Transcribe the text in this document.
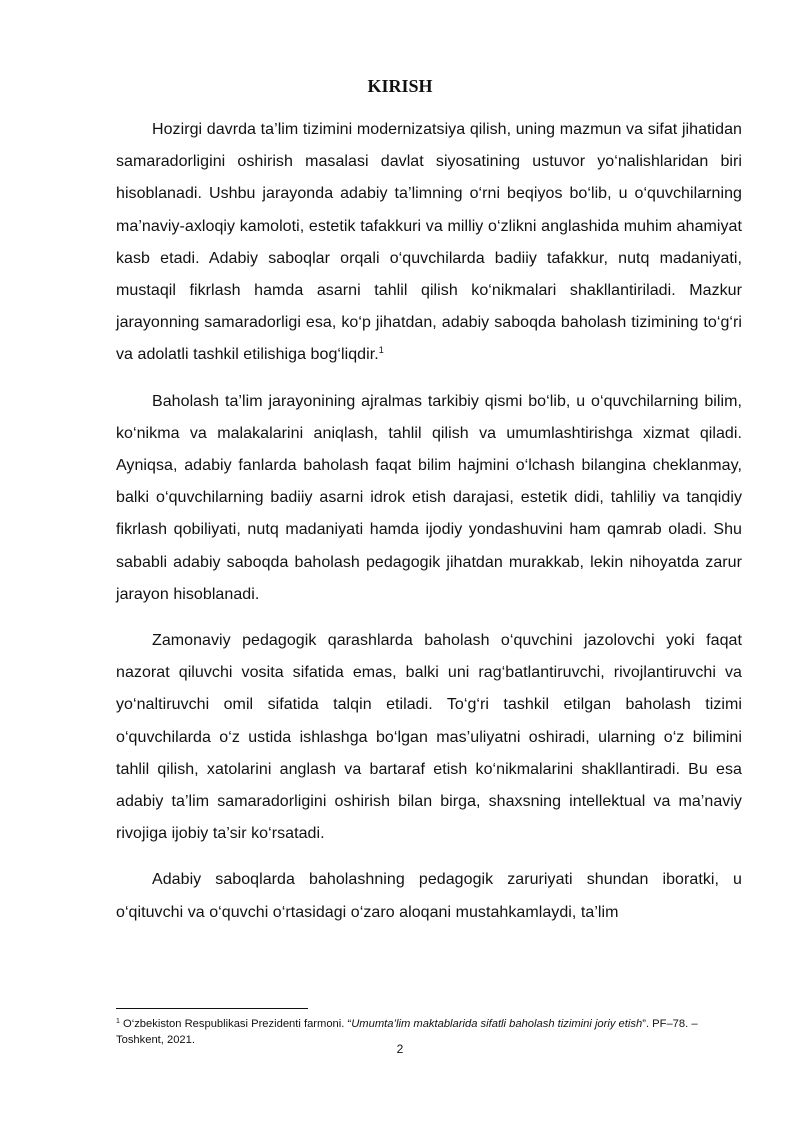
KIRISH

Hozirgi davrda ta’lim tizimini modernizatsiya qilish, uning mazmun va sifat jihatidan samaradorligini oshirish masalasi davlat siyosatining ustuvor yo‘nalishlaridan biri hisoblanadi. Ushbu jarayonda adabiy ta’limning o‘rni beqiyos bo‘lib, u o‘quvchilarning ma’naviy-axloqiy kamoloti, estetik tafakkuri va milliy o‘zlikni anglashida muhim ahamiyat kasb etadi. Adabiy saboqlar orqali o‘quvchilarda badiiy tafakkur, nutq madaniyati, mustaqil fikrlash hamda asarni tahlil qilish ko‘nikmalari shakllantiriladi. Mazkur jarayonning samaradorligi esa, ko‘p jihatdan, adabiy saboqda baholash tizimining to‘g‘ri va adolatli tashkil etilishiga bog‘liqdir.$^1$

Baholash ta’lim jarayonining ajralmas tarkibiy qismi bo‘lib, u o‘quvchilarning bilim, ko‘nikma va malakalarini aniqlash, tahlil qilish va umumlashtirishga xizmat qiladi. Ayniqsa, adabiy fanlarda baholash faqat bilim hajmini o‘lchash bilangina cheklanmay, balki o‘quvchilarning badiiy asarni idrok etish darajasi, estetik didi, tahliliy va tanqidiy fikrlash qobiliyati, nutq madaniyati hamda ijodiy yondashuvini ham qamrab oladi. Shu sababli adabiy saboqda baholash pedagogik jihatdan murakkab, lekin nihoyatda zarur jarayon hisoblanadi.

Zamonaviy pedagogik qarashlarda baholash o‘quvchini jazolovchi yoki faqat nazorat qiluvchi vosita sifatida emas, balki uni rag‘batlantiruvchi, rivojlantiruvchi va yo‘naltiruvchi omil sifatida talqin etiladi. To‘g‘ri tashkil etilgan baholash tizimi o‘quvchilarda o‘z ustida ishlashga bo‘lgan mas’uliyatni oshiradi, ularning o‘z bilimini tahlil qilish, xatolarini anglash va bartaraf etish ko‘nikmalarini shakllantiradi. Bu esa adabiy ta’lim samaradorligini oshirish bilan birga, shaxsning intellektual va ma’naviy rivojiga ijobiy ta’sir ko‘rsatadi.

Adabiy saboqlarda baholashning pedagogik zaruriyati shundan iboratki, u o‘qituvchi va o‘quvchi o‘rtasidagi o‘zaro aloqani mustahkamlaydi, ta’lim

$^1$ O‘zbekiston Respublikasi Prezidenti farmoni. “Umumta’lim maktablarida sifatli baholash tizimini joriy etish”. PF–78. – Toshkent, 2021.
2
